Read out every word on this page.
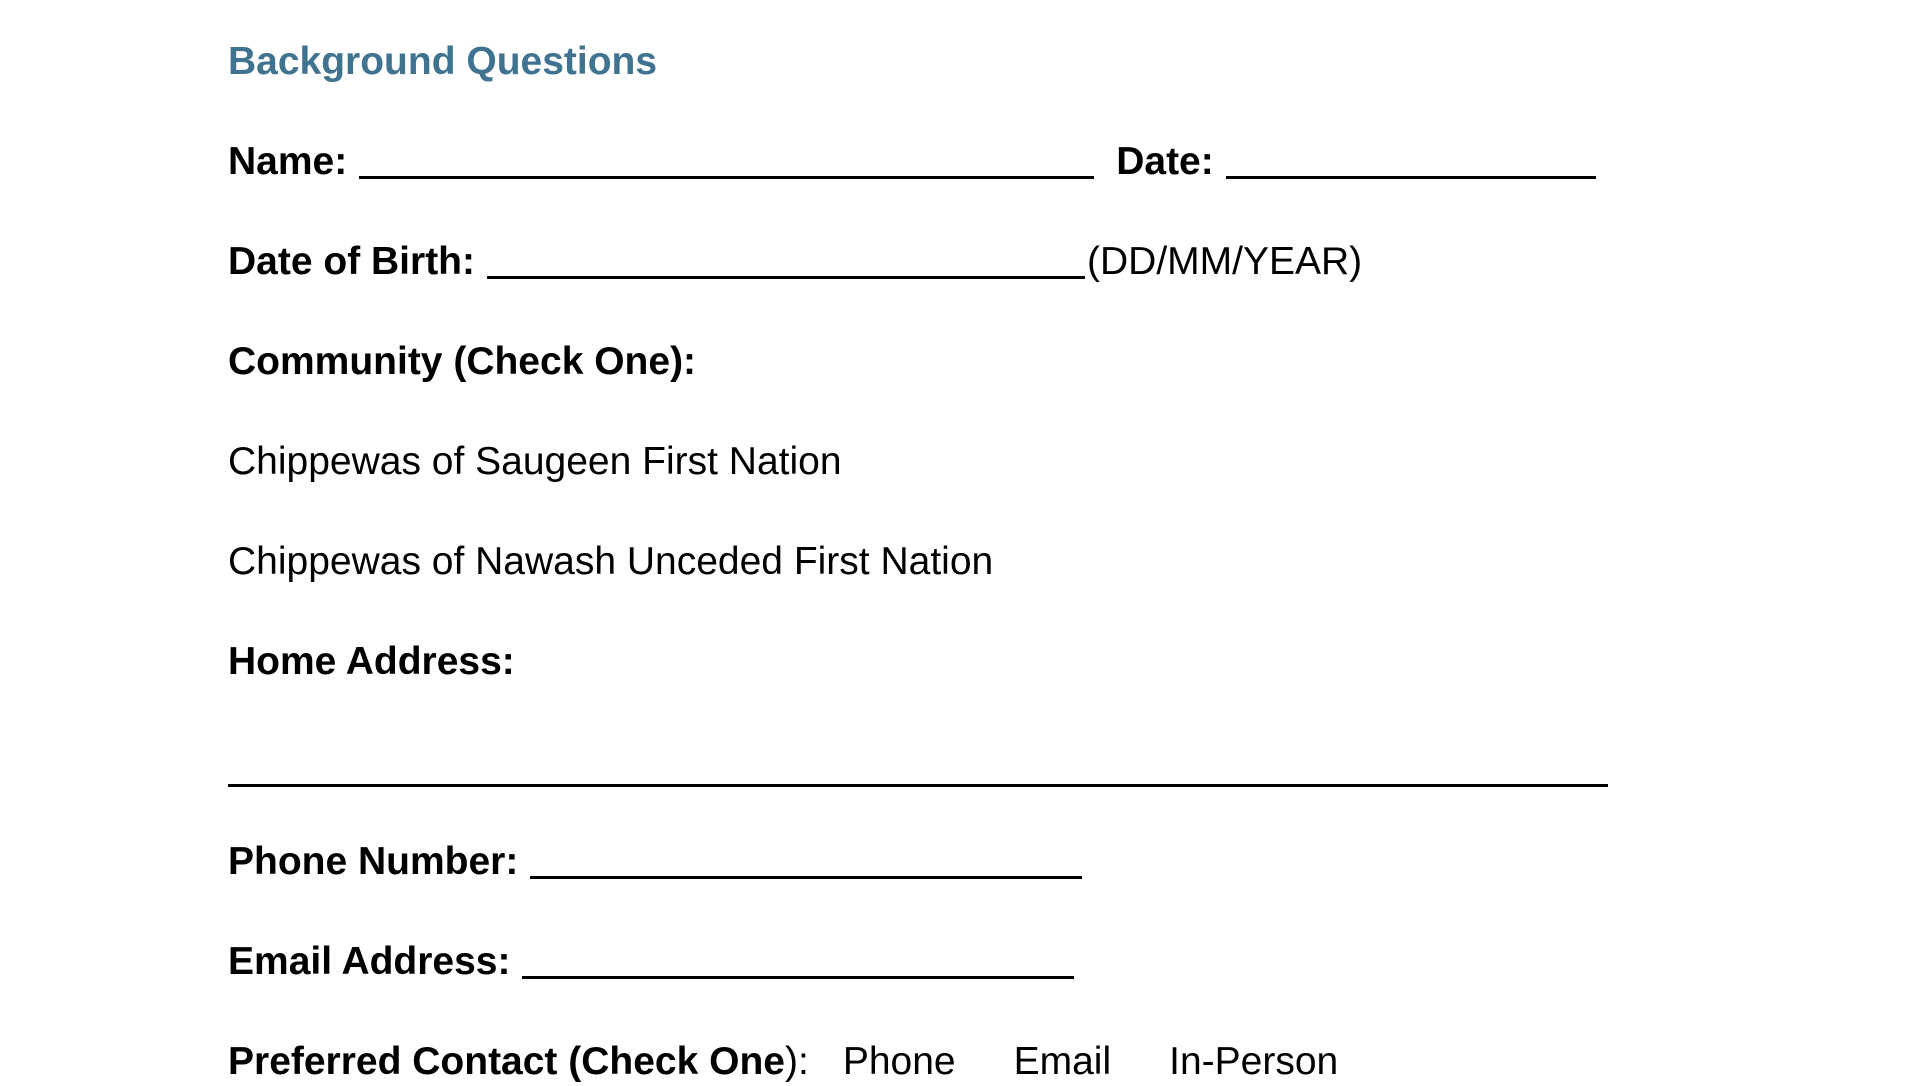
Background Questions
Name:	Date:
Date of Birth:	(DD/MM/YEAR)
Community (Check One):
Chippewas of Saugeen First Nation
Chippewas of Nawash Unceded First Nation
Home Address:
Phone Number:
Email Address:
Preferred Contact (Check One ): Phone Email In-Person
